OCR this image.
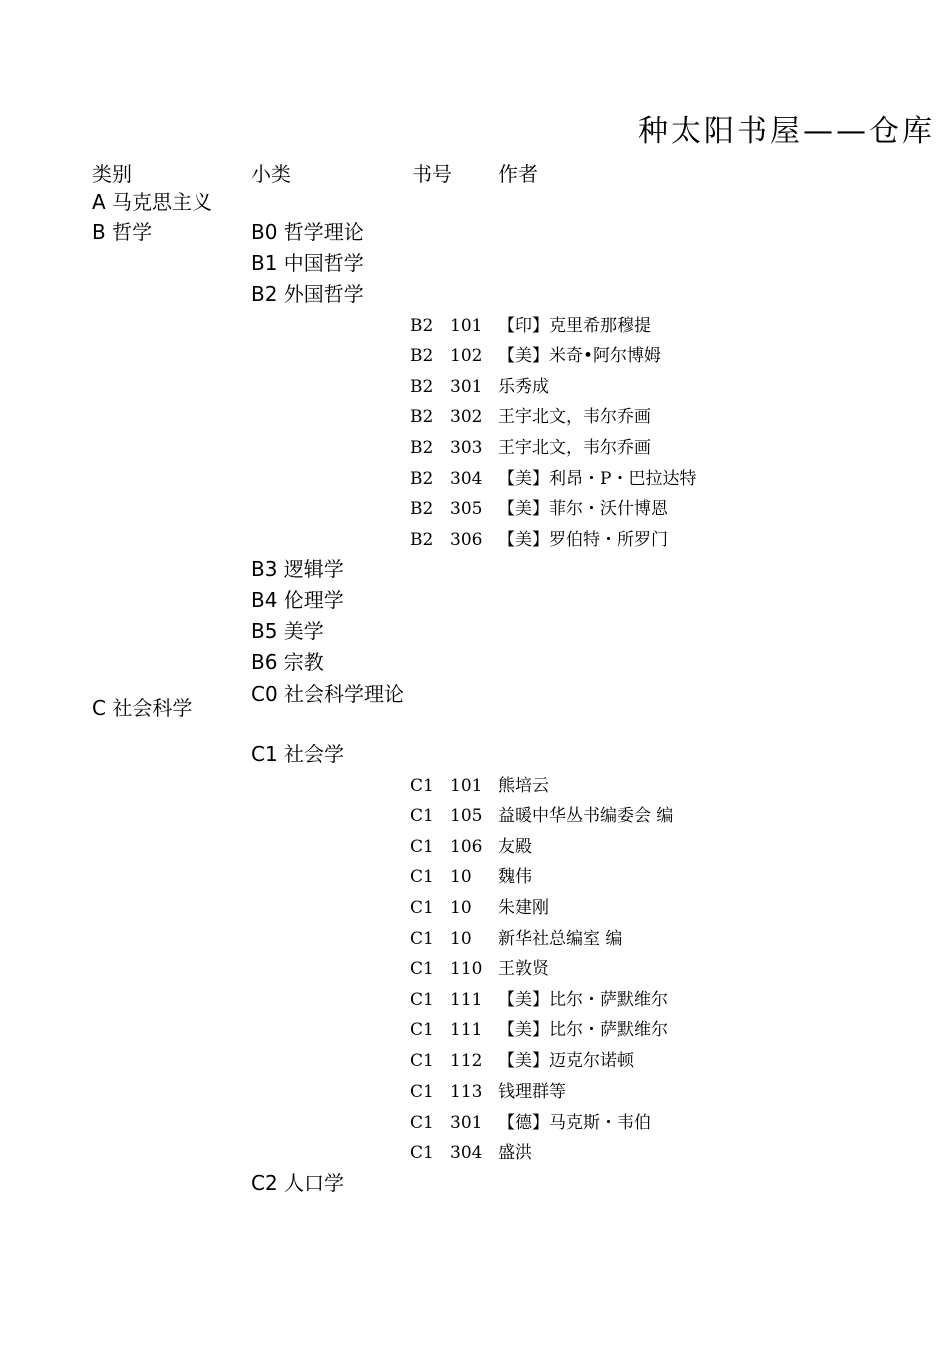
种太阳书屋——仓库
类别	小类	书号 作者
A 马克思主义
B 哲学
C 社会科学
B0 哲学理论
B1 中国哲学
B2 外国哲学
B3 逻辑学
B4 伦理学
B5 美学
B6 宗教
C0 社会科学理论
C1 社会学
C2 人口学
B2 101 【印】克里希那穆提
B2 102 【美】米奇•阿尔博姆
B2 301 乐秀成
B2 302 王宇北文，韦尔乔画
B2 303 王宇北文，韦尔乔画
B2 304 【美】利昂・P・巴拉达特
B2 305 【美】菲尔・沃什博恩
B2 306 【美】罗伯特・所罗门
C1 101 熊培云
C1 105 益暖中华丛书编委会 编
C1 106 友殿
C1 10 魏伟
C1 10 朱建刚
C1 10 新华社总编室 编
C1 110 王敦贤
C1 111 【美】比尔・萨默维尔
C1 111 【美】比尔・萨默维尔
C1 112 【美】迈克尔诺顿
C1 113 钱理群等
C1 301 【德】马克斯・韦伯
C1 304 盛洪
